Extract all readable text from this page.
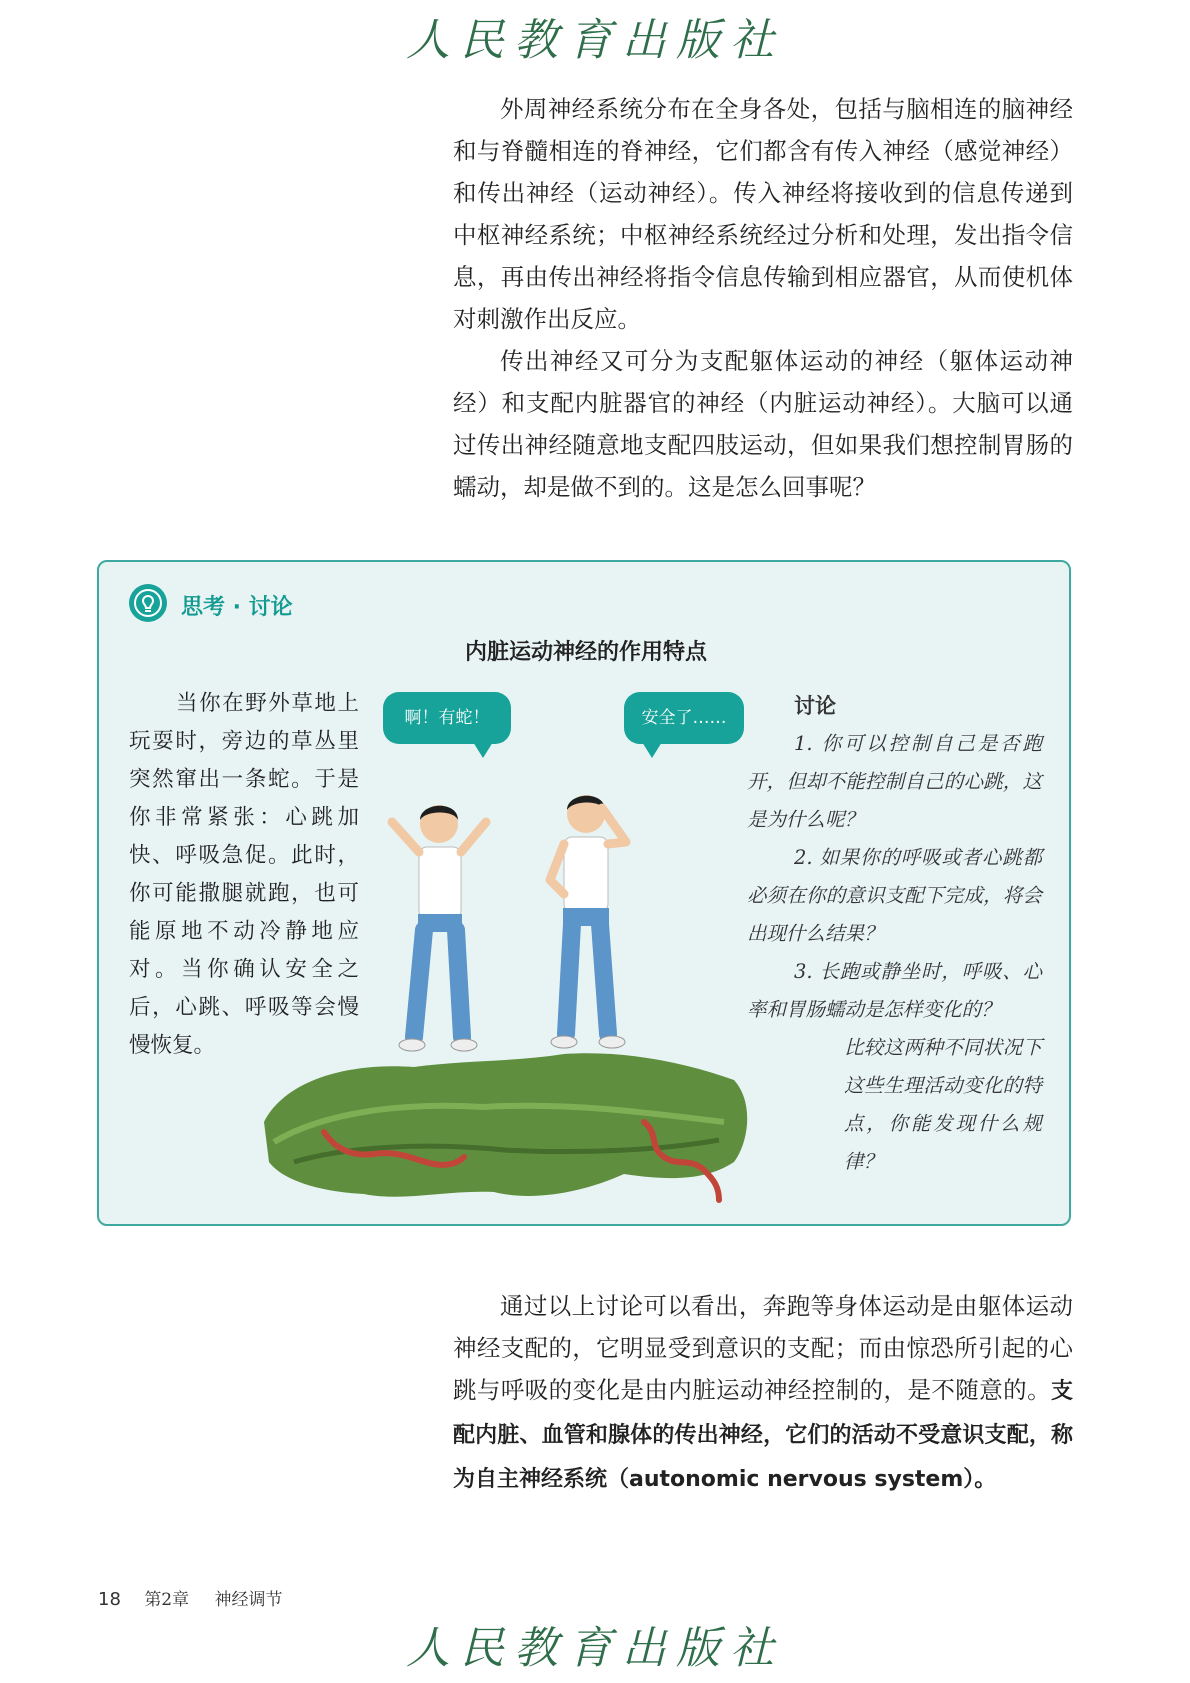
人民教育出版社

外周神经系统分布在全身各处，包括与脑相连的脑神经和与脊髓相连的脊神经，它们都含有传入神经（感觉神经）和传出神经（运动神经）。传入神经将接收到的信息传递到中枢神经系统；中枢神经系统经过分析和处理，发出指令信息，再由传出神经将指令信息传输到相应器官，从而使机体对刺激作出反应。

传出神经又可分为支配躯体运动的神经（躯体运动神经）和支配内脏器官的神经（内脏运动神经）。大脑可以通过传出神经随意地支配四肢运动，但如果我们想控制胃肠的蠕动，却是做不到的。这是怎么回事呢？

思考 · 讨论
内脏运动神经的作用特点

当你在野外草地上玩耍时，旁边的草丛里突然窜出一条蛇。于是你非常紧张：心跳加快、呼吸急促。此时，你可能撒腿就跑，也可能原地不动冷静地应对。当你确认安全之后，心跳、呼吸等会慢慢恢复。

啊！有蛇！	安全了……	讨论

1. 你可以控制自己是否跑开，但却不能控制自己的心跳，这是为什么呢？

2. 如果你的呼吸或者心跳都必须在你的意识支配下完成，将会出现什么结果？

3. 长跑或静坐时，呼吸、心率和胃肠蠕动是怎样变化的？

比较这两种不同状况下这些生理活动变化的特点，你能发现什么规律？

通过以上讨论可以看出，奔跑等身体运动是由躯体运动神经支配的，它明显受到意识的支配；而由惊恐所引起的心跳与呼吸的变化是由内脏运动神经控制的，是不随意的。支配内脏、血管和腺体的传出神经，它们的活动不受意识支配，称为自主神经系统（autonomic nervous system）。

18 第2章 神经调节
人民教育出版社
